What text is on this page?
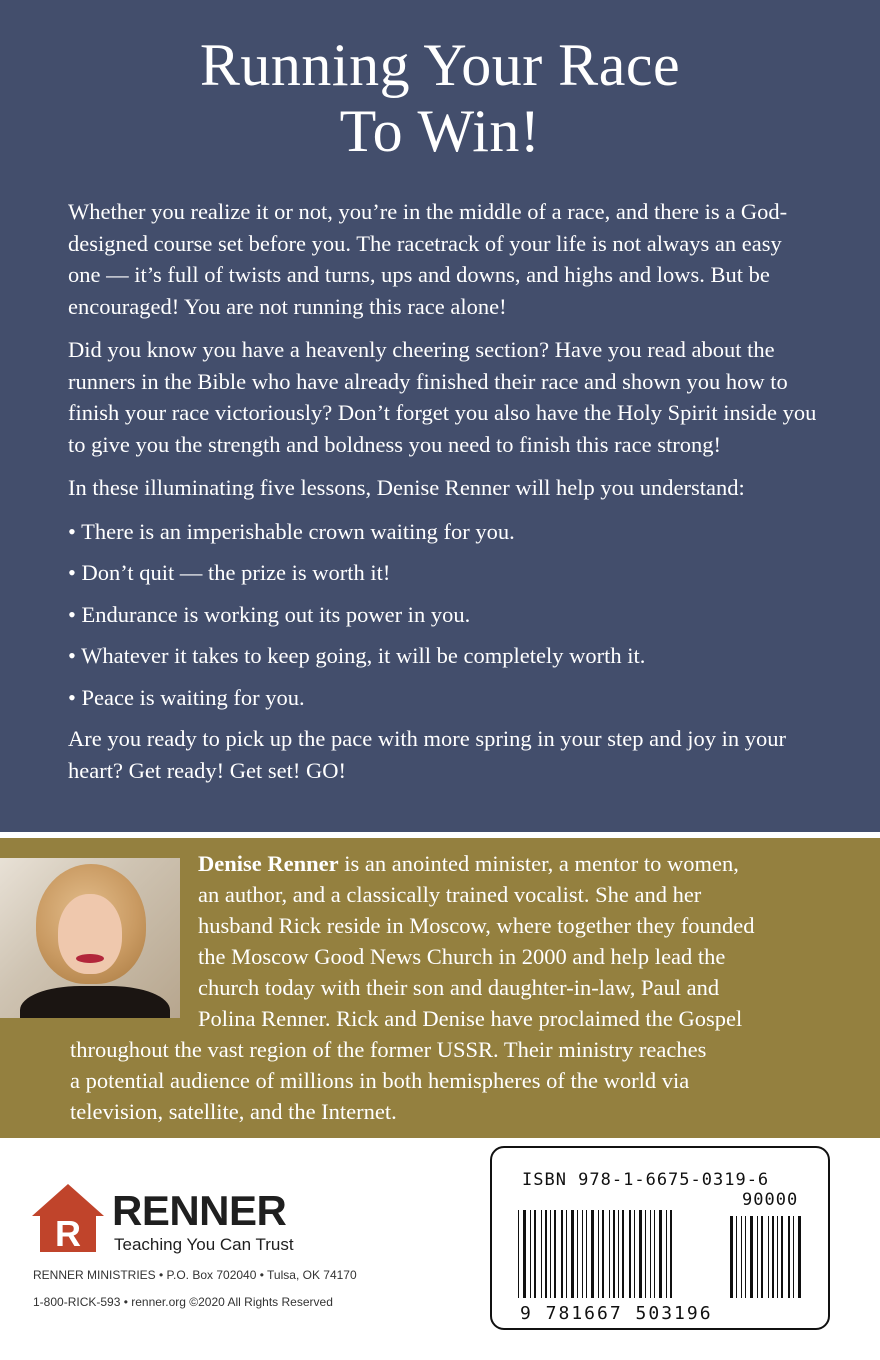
Running Your Race
To Win!

Whether you realize it or not, you’re in the middle of a race, and there is a God-designed course set before you. The racetrack of your life is not always an easy one — it’s full of twists and turns, ups and downs, and highs and lows. But be encouraged! You are not running this race alone!

Did you know you have a heavenly cheering section? Have you read about the runners in the Bible who have already finished their race and shown you how to finish your race victoriously? Don’t forget you also have the Holy Spirit inside you to give you the strength and boldness you need to finish this race strong!

In these illuminating five lessons, Denise Renner will help you understand:

• There is an imperishable crown waiting for you.

• Don’t quit — the prize is worth it!

• Endurance is working out its power in you.

• Whatever it takes to keep going, it will be completely worth it.

• Peace is waiting for you.

Are you ready to pick up the pace with more spring in your step and joy in your heart? Get ready! Get set! GO!

Denise Renner is an anointed minister, a mentor to women,
an author, and a classically trained vocalist. She and her
husband Rick reside in Moscow, where together they founded
the Moscow Good News Church in 2000 and help lead the
church today with their son and daughter-in-law, Paul and
Polina Renner. Rick and Denise have proclaimed the Gospel
throughout the vast region of the former USSR. Their ministry reaches
a potential audience of millions in both hemispheres of the world via
television, satellite, and the Internet.
R RENNER
Teaching You Can Trust
RENNER MINISTRIES • P.O. Box 702040 • Tulsa, OK 74170
1-800-RICK-593 • renner.org ©2020 All Rights Reserved
ISBN 978-1-6675-0319-6
90000
9 781667 503196
